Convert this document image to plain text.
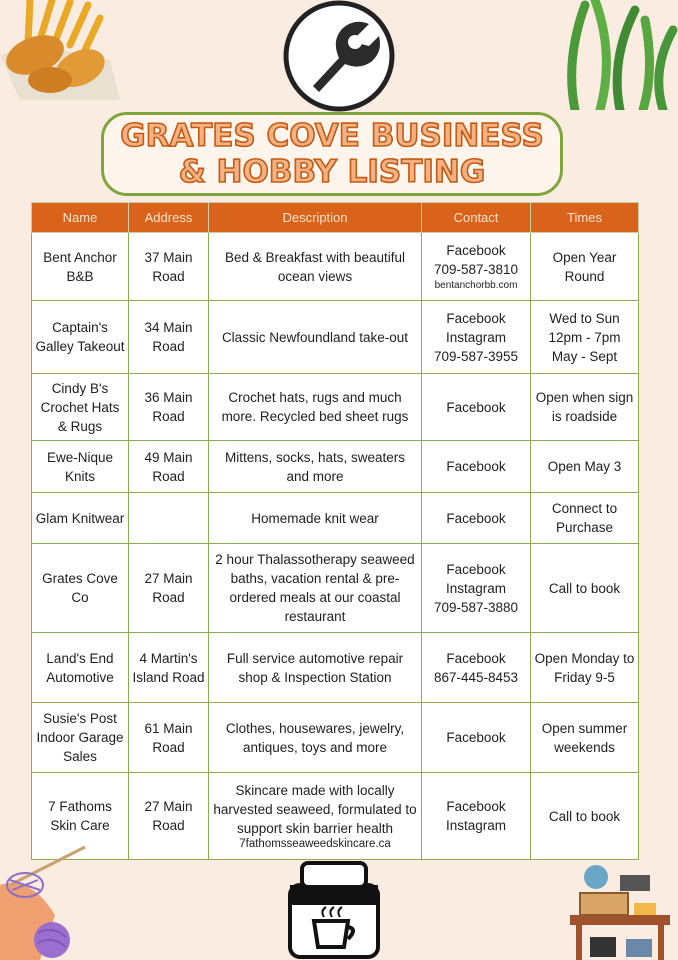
GRATES COVE BUSINESS
& HOBBY LISTING
Name	Address	Description	Contact	Times
Bent Anchor B&B	37 Main Road	Bed & Breakfast with beautiful ocean views	Facebook
709-587-3810
bentanchorbb.com	Open Year Round
Captain's Galley Takeout	34 Main Road	Classic Newfoundland take-out	Facebook
Instagram
709-587-3955	Wed to Sun 12pm - 7pm May - Sept
Cindy B's Crochet Hats & Rugs	36 Main Road	Crochet hats, rugs and much more. Recycled bed sheet rugs	Facebook	Open when sign is roadside
Ewe-Nique Knits	49 Main Road	Mittens, socks, hats, sweaters and more	Facebook	Open May 3
Glam Knitwear		Homemade knit wear	Facebook	Connect to Purchase
Grates Cove Co	27 Main Road	2 hour Thalassotherapy seaweed baths, vacation rental & pre-ordered meals at our coastal restaurant	Facebook
Instagram
709-587-3880	Call to book
Land's End Automotive	4 Martin's Island Road	Full service automotive repair shop & Inspection Station	Facebook
867-445-8453	Open Monday to Friday 9-5
Susie's Post Indoor Garage Sales	61 Main Road	Clothes, housewares, jewelry, antiques, toys and more	Facebook	Open summer weekends
7 Fathoms Skin Care	27 Main Road	Skincare made with locally harvested seaweed, formulated to support skin barrier health
7fathomsseaweedskincare.ca	Facebook
Instagram	Call to book
